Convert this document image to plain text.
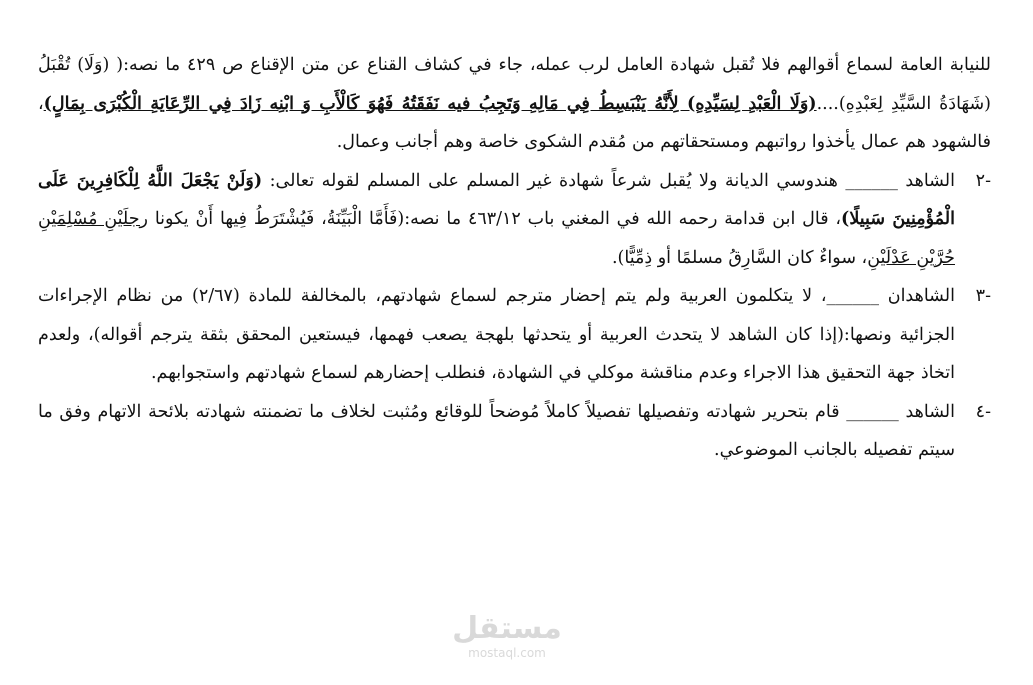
للنيابة العامة لسماع أقوالهم فلا تُقبل شهادة العامل لرب عمله، جاء في كشاف القناع عن متن الإقناع ص ٤٢٩ ما نصه:( (وَلَا) تُقْبَلُ (شَهَادَةُ السَّيِّدِ لِعَبْدِهِ)....(وَلَا الْعَبْدِ لِسَيِّدِهِ) لِأَنَّهُ يَنْبَسِطُ فِي مَالِهِ وَتَجِبُ فيه نَفَقَتُهُ فَهُوَ كَالْأَبِ وَ ابْنِه زَادَ فِي الرِّعَايَةِ الْكُبْرَى بِمَالٍ)، فالشهود هم عمال يأخذوا رواتبهم ومستحقاتهم من مُقدم الشكوى خاصة وهم أجانب وعمال.

-٢
الشاهد ______ هندوسي الديانة ولا يُقبل شرعاً شهادة غير المسلم على المسلم لقوله تعالى: (وَلَنْ يَجْعَلَ اللَّهُ لِلْكَافِرِينَ عَلَى الْمُؤْمِنِينَ سَبِيلًا)، قال ابن قدامة رحمه الله في المغني باب ٤٦٣/١٢ ما نصه:(فَأَمَّا الْبَيِّنَةُ، فَيُشْتَرَطُ فِيها أَنْ يكونا رجلَيْنِ مُسْلِمَيْنِ حُرَّيْنِ عَدْلَيْنِ، سواءٌ كان السَّارِقُ مسلمًا أو ذِمِّيًّا).
-٣
الشاهدان ______، لا يتكلمون العربية ولم يتم إحضار مترجم لسماع شهادتهم، بالمخالفة للمادة (٢/٦٧) من نظام الإجراءات الجزائية ونصها:(إذا كان الشاهد لا يتحدث العربية أو يتحدثها بلهجة يصعب فهمها، فيستعين المحقق بثقة يترجم أقواله)، ولعدم اتخاذ جهة التحقيق هذا الاجراء وعدم مناقشة موكلي في الشهادة، فنطلب إحضارهم لسماع شهادتهم واستجوابهم.
-٤
الشاهد ______ قام بتحرير شهادته وتفصيلها تفصيلاً كاملاً مُوضحاً للوقائع ومُثبت لخلاف ما تضمنته شهادته بلائحة الاتهام وفق ما سيتم تفصيله بالجانب الموضوعي.
مستقل
mostaql.com
